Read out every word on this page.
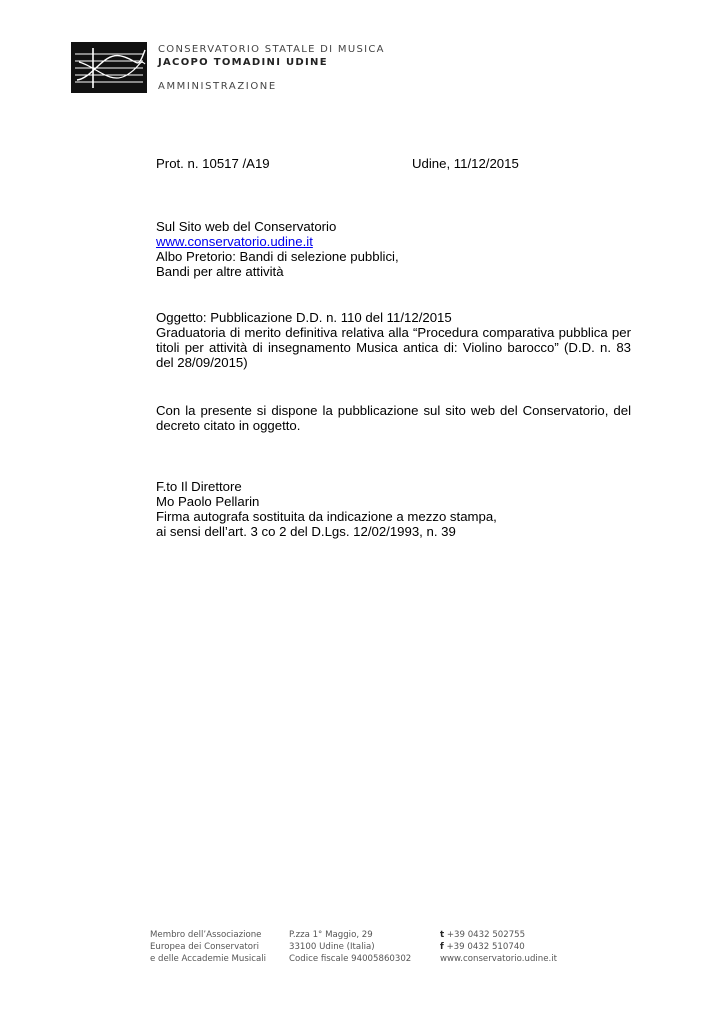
CONSERVATORIO STATALE DI MUSICA
JACOPO TOMADINI UDINE
AMMINISTRAZIONE
Prot. n. 10517 /A19	Udine, 11/12/2015
Sul Sito web del Conservatorio
www.conservatorio.udine.it
Albo Pretorio: Bandi di selezione pubblici,
Bandi per altre attività
Oggetto: Pubblicazione D.D. n. 110 del 11/12/2015
Graduatoria di merito definitiva relativa alla “Procedura comparativa pubblica per titoli per attività di insegnamento Musica antica di: Violino barocco” (D.D. n. 83 del 28/09/2015)
Con la presente si dispone la pubblicazione sul sito web del Conservatorio, del decreto citato in oggetto.
F.to Il Direttore
Mo Paolo Pellarin
Firma autografa sostituita da indicazione a mezzo stampa,
ai sensi dell’art. 3 co 2 del D.Lgs. 12/02/1993, n. 39
Membro dell’Associazione
Europea dei Conservatori
e delle Accademie Musicali
P.zza 1° Maggio, 29
33100 Udine (Italia)
Codice fiscale 94005860302
t +39 0432 502755
f +39 0432 510740
www.conservatorio.udine.it
